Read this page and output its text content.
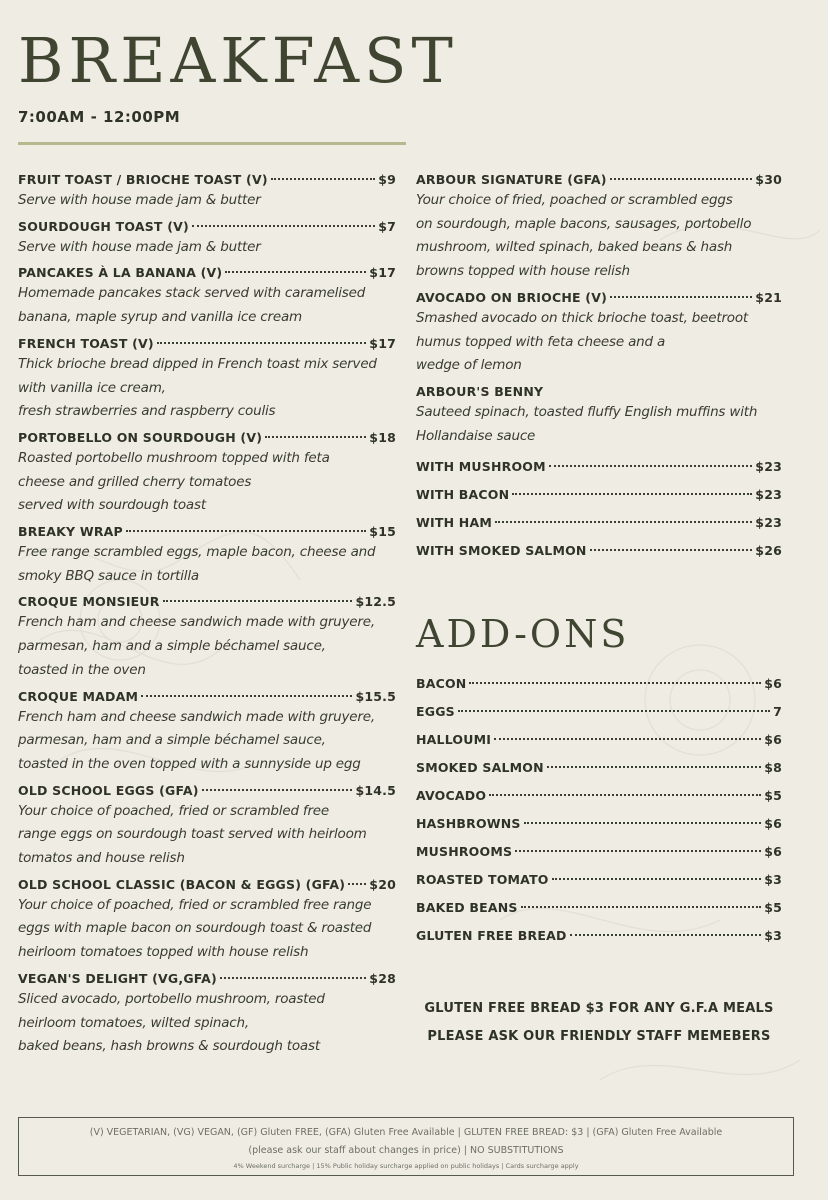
BREAKFAST
7:00AM - 12:00PM
FRUIT TOAST / BRIOCHE TOAST (V)	$9
Serve with house made jam & butter
SOURDOUGH TOAST (V)	$7
Serve with house made jam & butter
PANCAKES À LA BANANA (V)	$17
Homemade pancakes stack served with caramelised
banana, maple syrup and vanilla ice cream
FRENCH TOAST (V)	$17
Thick brioche bread dipped in French toast mix served
with vanilla ice cream,
fresh strawberries and raspberry coulis
PORTOBELLO ON SOURDOUGH (V)	$18
Roasted portobello mushroom topped with feta
cheese and grilled cherry tomatoes
served with sourdough toast
BREAKY WRAP	$15
Free range scrambled eggs, maple bacon, cheese and
smoky BBQ sauce in tortilla
CROQUE MONSIEUR	$12.5
French ham and cheese sandwich made with gruyere,
parmesan, ham and a simple béchamel sauce,
toasted in the oven
CROQUE MADAM	$15.5
French ham and cheese sandwich made with gruyere,
parmesan, ham and a simple béchamel sauce,
toasted in the oven topped with a sunnyside up egg
OLD SCHOOL EGGS (GFA)	$14.5
Your choice of poached, fried or scrambled free
range eggs on sourdough toast served with heirloom
tomatos and house relish
OLD SCHOOL CLASSIC (BACON & EGGS) (GFA) $20
Your choice of poached, fried or scrambled free range
eggs with maple bacon on sourdough toast & roasted
heirloom tomatoes topped with house relish
VEGAN'S DELIGHT (VG,GFA)	$28
Sliced avocado, portobello mushroom, roasted
heirloom tomatoes, wilted spinach,
baked beans, hash browns & sourdough toast
ARBOUR SIGNATURE (GFA)	$30
Your choice of fried, poached or scrambled eggs
on sourdough, maple bacons, sausages, portobello
mushroom, wilted spinach, baked beans & hash
browns topped with house relish
AVOCADO ON BRIOCHE (V)	$21
Smashed avocado on thick brioche toast, beetroot
humus topped with feta cheese and a
wedge of lemon
ARBOUR'S BENNY
Sauteed spinach, toasted fluffy English muffins with
Hollandaise sauce
WITH MUSHROOM	$23
WITH BACON	$23
WITH HAM	$23
WITH SMOKED SALMON	$26
ADD-ONS
BACON	$6
EGGS	7
HALLOUMI	$6
SMOKED SALMON	$8
AVOCADO	$5
HASHBROWNS	$6
MUSHROOMS	$6
ROASTED TOMATO	$3
BAKED BEANS	$5
GLUTEN FREE BREAD	$3
GLUTEN FREE BREAD $3 FOR ANY G.F.A MEALS
PLEASE ASK OUR FRIENDLY STAFF MEMEBERS
(V) VEGETARIAN, (VG) VEGAN, (GF) Gluten FREE, (GFA) Gluten Free Available | GLUTEN FREE BREAD: $3 | (GFA) Gluten Free Available
(please ask our staff about changes in price) | NO SUBSTITUTIONS
4% Weekend surcharge | 15% Public holiday surcharge applied on public holidays | Cards surcharge apply
